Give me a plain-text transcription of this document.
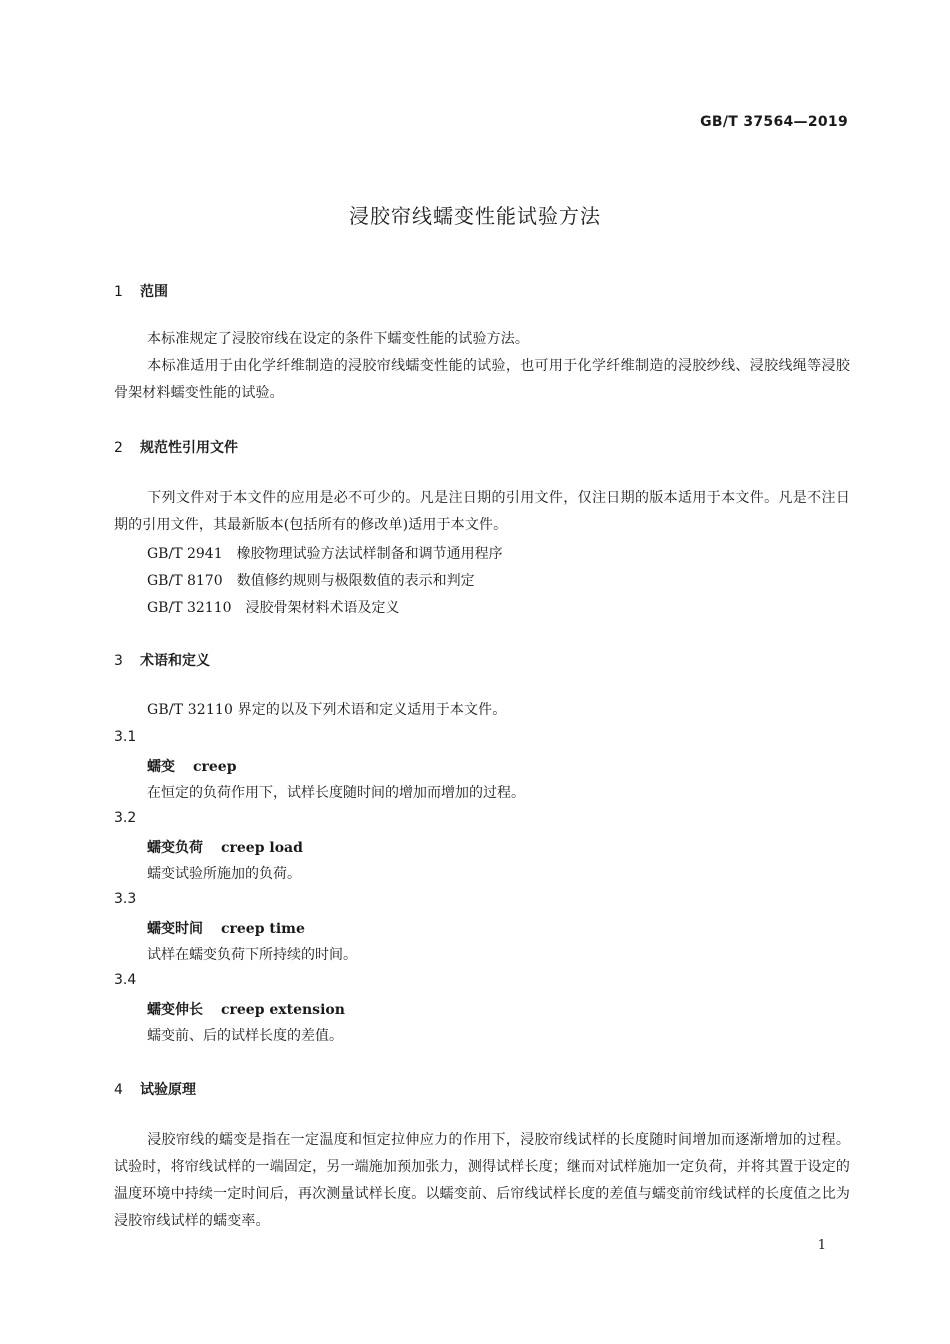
GB/T 37564—2019
浸胶帘线蠕变性能试验方法
1 范围
本标准规定了浸胶帘线在设定的条件下蠕变性能的试验方法。
本标准适用于由化学纤维制造的浸胶帘线蠕变性能的试验，也可用于化学纤维制造的浸胶纱线、浸胶线绳等浸胶骨架材料蠕变性能的试验。
2 规范性引用文件
下列文件对于本文件的应用是必不可少的。凡是注日期的引用文件，仅注日期的版本适用于本文件。凡是不注日期的引用文件，其最新版本(包括所有的修改单)适用于本文件。
GB/T 2941 橡胶物理试验方法试样制备和调节通用程序
GB/T 8170 数值修约规则与极限数值的表示和判定
GB/T 32110 浸胶骨架材料术语及定义
3 术语和定义
GB/T 32110 界定的以及下列术语和定义适用于本文件。
3.1
蠕变 creep
在恒定的负荷作用下，试样长度随时间的增加而增加的过程。
3.2
蠕变负荷 creep load
蠕变试验所施加的负荷。
3.3
蠕变时间 creep time
试样在蠕变负荷下所持续的时间。
3.4
蠕变伸长 creep extension
蠕变前、后的试样长度的差值。
4 试验原理
浸胶帘线的蠕变是指在一定温度和恒定拉伸应力的作用下，浸胶帘线试样的长度随时间增加而逐渐增加的过程。试验时，将帘线试样的一端固定，另一端施加预加张力，测得试样长度；继而对试样施加一定负荷，并将其置于设定的温度环境中持续一定时间后，再次测量试样长度。以蠕变前、后帘线试样长度的差值与蠕变前帘线试样的长度值之比为浸胶帘线试样的蠕变率。
1
